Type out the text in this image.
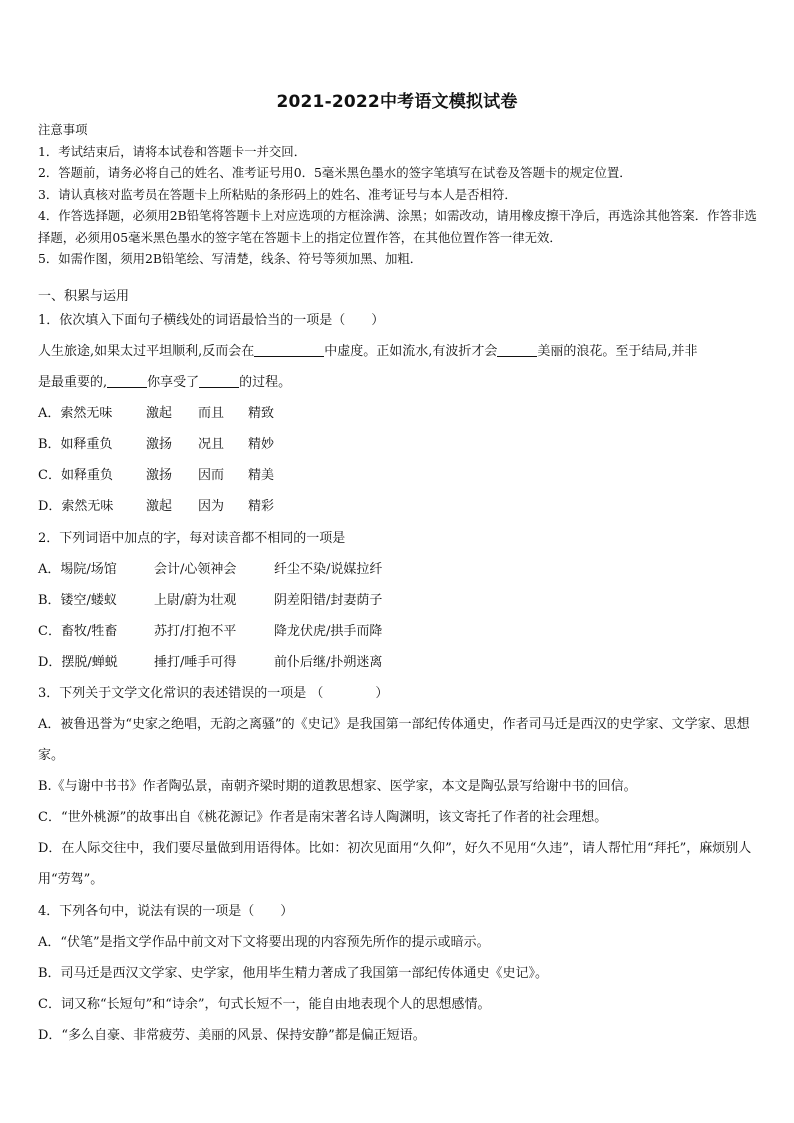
2021-2022中考语文模拟试卷
注意事项
1．考试结束后，请将本试卷和答题卡一并交回．
2．答题前，请务必将自己的姓名、准考证号用0．5毫米黑色墨水的签字笔填写在试卷及答题卡的规定位置．
3．请认真核对监考员在答题卡上所粘贴的条形码上的姓名、准考证号与本人是否相符．
4．作答选择题，必须用2B铅笔将答题卡上对应选项的方框涂满、涂黑；如需改动，请用橡皮擦干净后，再选涂其他答案．作答非选择题，必须用05毫米黑色墨水的签字笔在答题卡上的指定位置作答，在其他位置作答一律无效．
5．如需作图，须用2B铅笔绘、写清楚，线条、符号等须加黑、加粗．
一、积累与运用
1．依次填入下面句子横线处的词语最恰当的一项是（　　）
人生旅途,如果太过平坦顺利,反而会在	中虚度。正如流水,有波折才会	美丽的浪花。至于结局,并非
是最重要的,	你享受了	的过程。
A．索然无味	激起 而且 精致
B．如释重负	激扬 况且 精妙
C．如释重负	激扬 因而 精美
D．索然无味	激起 因为 精彩
2．下列词语中加点的字，每对读音都不相同的一项是
A．埸院/场馆	会计/心领神会	纤尘不染/说媒拉纤
B．镂空/蝼蚁	上尉/蔚为壮观	阴差阳错/封妻荫子
C．畜牧/牲畜	苏打/打抱不平	降龙伏虎/拱手而降
D．摆脱/蝉蜕	捶打/唾手可得	前仆后继/扑朔迷离
3．下列关于文学文化常识的表述错误的一项是 （　　　　）
A．被鲁迅誉为“史家之绝唱，无韵之离骚”的《史记》是我国第一部纪传体通史，作者司马迁是西汉的史学家、文学家、思想家。
B.《与谢中书书》作者陶弘景，南朝齐梁时期的道教思想家、医学家，本文是陶弘景写给谢中书的回信。
C．“世外桃源”的故事出自《桃花源记》作者是南宋著名诗人陶渊明，该文寄托了作者的社会理想。
D．在人际交往中，我们要尽量做到用语得体。比如：初次见面用“久仰”，好久不见用“久违”，请人帮忙用“拜托”，麻烦别人用“劳驾”。
4．下列各句中，说法有误的一项是（　　）
A．“伏笔”是指文学作品中前文对下文将要出现的内容预先所作的提示或暗示。
B．司马迁是西汉文学家、史学家，他用毕生精力著成了我国第一部纪传体通史《史记》。
C．词又称“长短句”和“诗余”，句式长短不一，能自由地表现个人的思想感情。
D．“多么自豪、非常疲劳、美丽的风景、保持安静”都是偏正短语。
